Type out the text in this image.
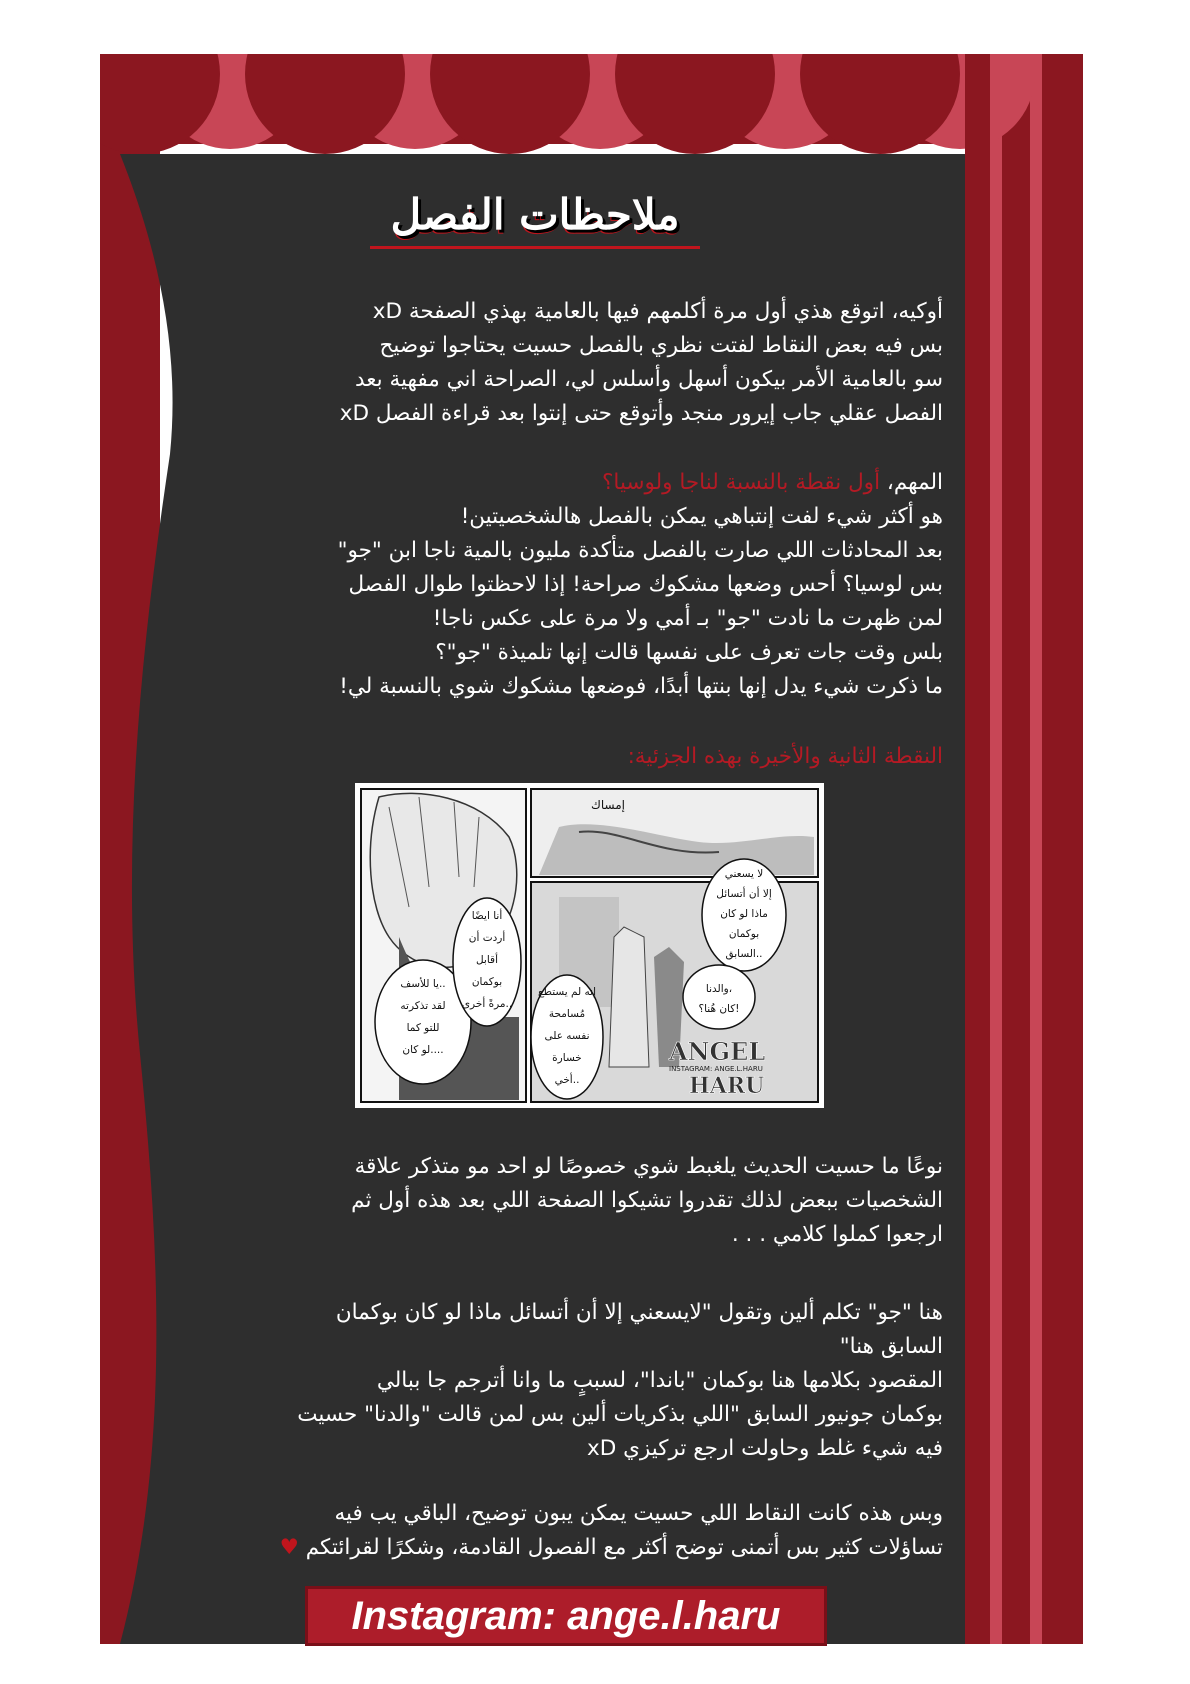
ملاحظات الفصل

أوكيه، اتوقع هذي أول مرة أكلمهم فيها بالعامية بهذي الصفحة xD

بس فيه بعض النقاط لفتت نظري بالفصل حسيت يحتاجوا توضيح

سو بالعامية الأمر بيكون أسهل وأسلس لي، الصراحة اني مفهية بعد

الفصل عقلي جاب إيرور منجد وأتوقع حتى إنتوا بعد قراءة الفصل xD

المهم، أول نقطة بالنسبة لناجا ولوسيا؟

هو أكثر شيء لفت إنتباهي يمكن بالفصل هالشخصيتين!

بعد المحادثات اللي صارت بالفصل متأكدة مليون بالمية ناجا ابن "جو"

بس لوسيا؟ أحس وضعها مشكوك صراحة! إذا لاحظتوا طوال الفصل

لمن ظهرت ما نادت "جو" بـ أمي ولا مرة على عكس ناجا!

بلس وقت جات تعرف على نفسها قالت إنها تلميذة "جو"؟

ما ذكرت شيء يدل إنها بنتها أبدًا، فوضعها مشكوك شوي بالنسبة لي!

النقطة الثانية والأخيرة بهذه الجزئية:

إمساك
يا للأسف..
لقد تذكرته
للتو كما
لو كان....
أنا ايضًا
أردت أن
أقابل
بوكمان
مرةً أخرى..
إنه لم يستطع
مُسامحة
نفسه على
خسارة
أخي..
لا يسعني
إلا أن أتسائل
ماذا لو كان
بوكمان
السابق..
والدنا،
كان هُنا؟!
ANGEL
INSTAGRAM: ANGE.L.HARU
HARU

نوعًا ما حسيت الحديث يلغبط شوي خصوصًا لو احد مو متذكر علاقة

الشخصيات ببعض لذلك تقدروا تشيكوا الصفحة اللي بعد هذه أول ثم

ارجعوا كملوا كلامي . . .

هنا "جو" تكلم ألين وتقول "لايسعني إلا أن أتسائل ماذا لو كان بوكمان

السابق هنا"

المقصود بكلامها هنا بوكمان "باندا"، لسببٍ ما وانا أترجم جا ببالي

بوكمان جونيور السابق "اللي بذكريات ألين بس لمن قالت "والدنا" حسيت

فيه شيء غلط وحاولت ارجع تركيزي xD

وبس هذه كانت النقاط اللي حسيت يمكن يبون توضيح، الباقي يب فيه

تساؤلات كثير بس أتمنى توضح أكثر مع الفصول القادمة، وشكرًا لقرائتكم ♥

Instagram: ange.l.haru
